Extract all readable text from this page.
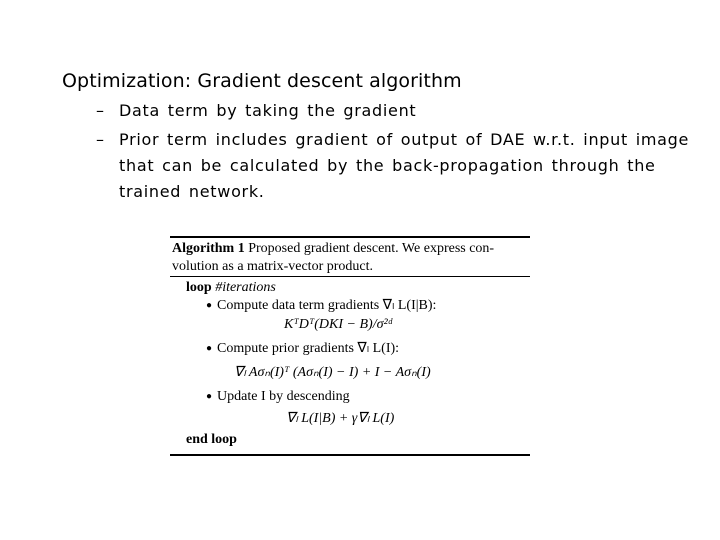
Optimization: Gradient descent algorithm
– Data term by taking the gradient
– Prior term includes gradient of output of DAE w.r.t. input image
that can be calculated by the back-propagation through the
trained network.
Algorithm 1 Proposed gradient descent. We express con-
volution as a matrix-vector product.
loop #iterations
● Compute data term gradients ∇ₗ L(I|B):
KᵀDᵀ(DKI − B)/σ²ᵈ
● Compute prior gradients ∇ₗ L(I):
∇ₗ Aσₙ(I)ᵀ (Aσₙ(I) − I) + I − Aσₙ(I)
● Update I by descending
∇ₗ L(I|B) + γ∇ₗ L(I)
end loop
